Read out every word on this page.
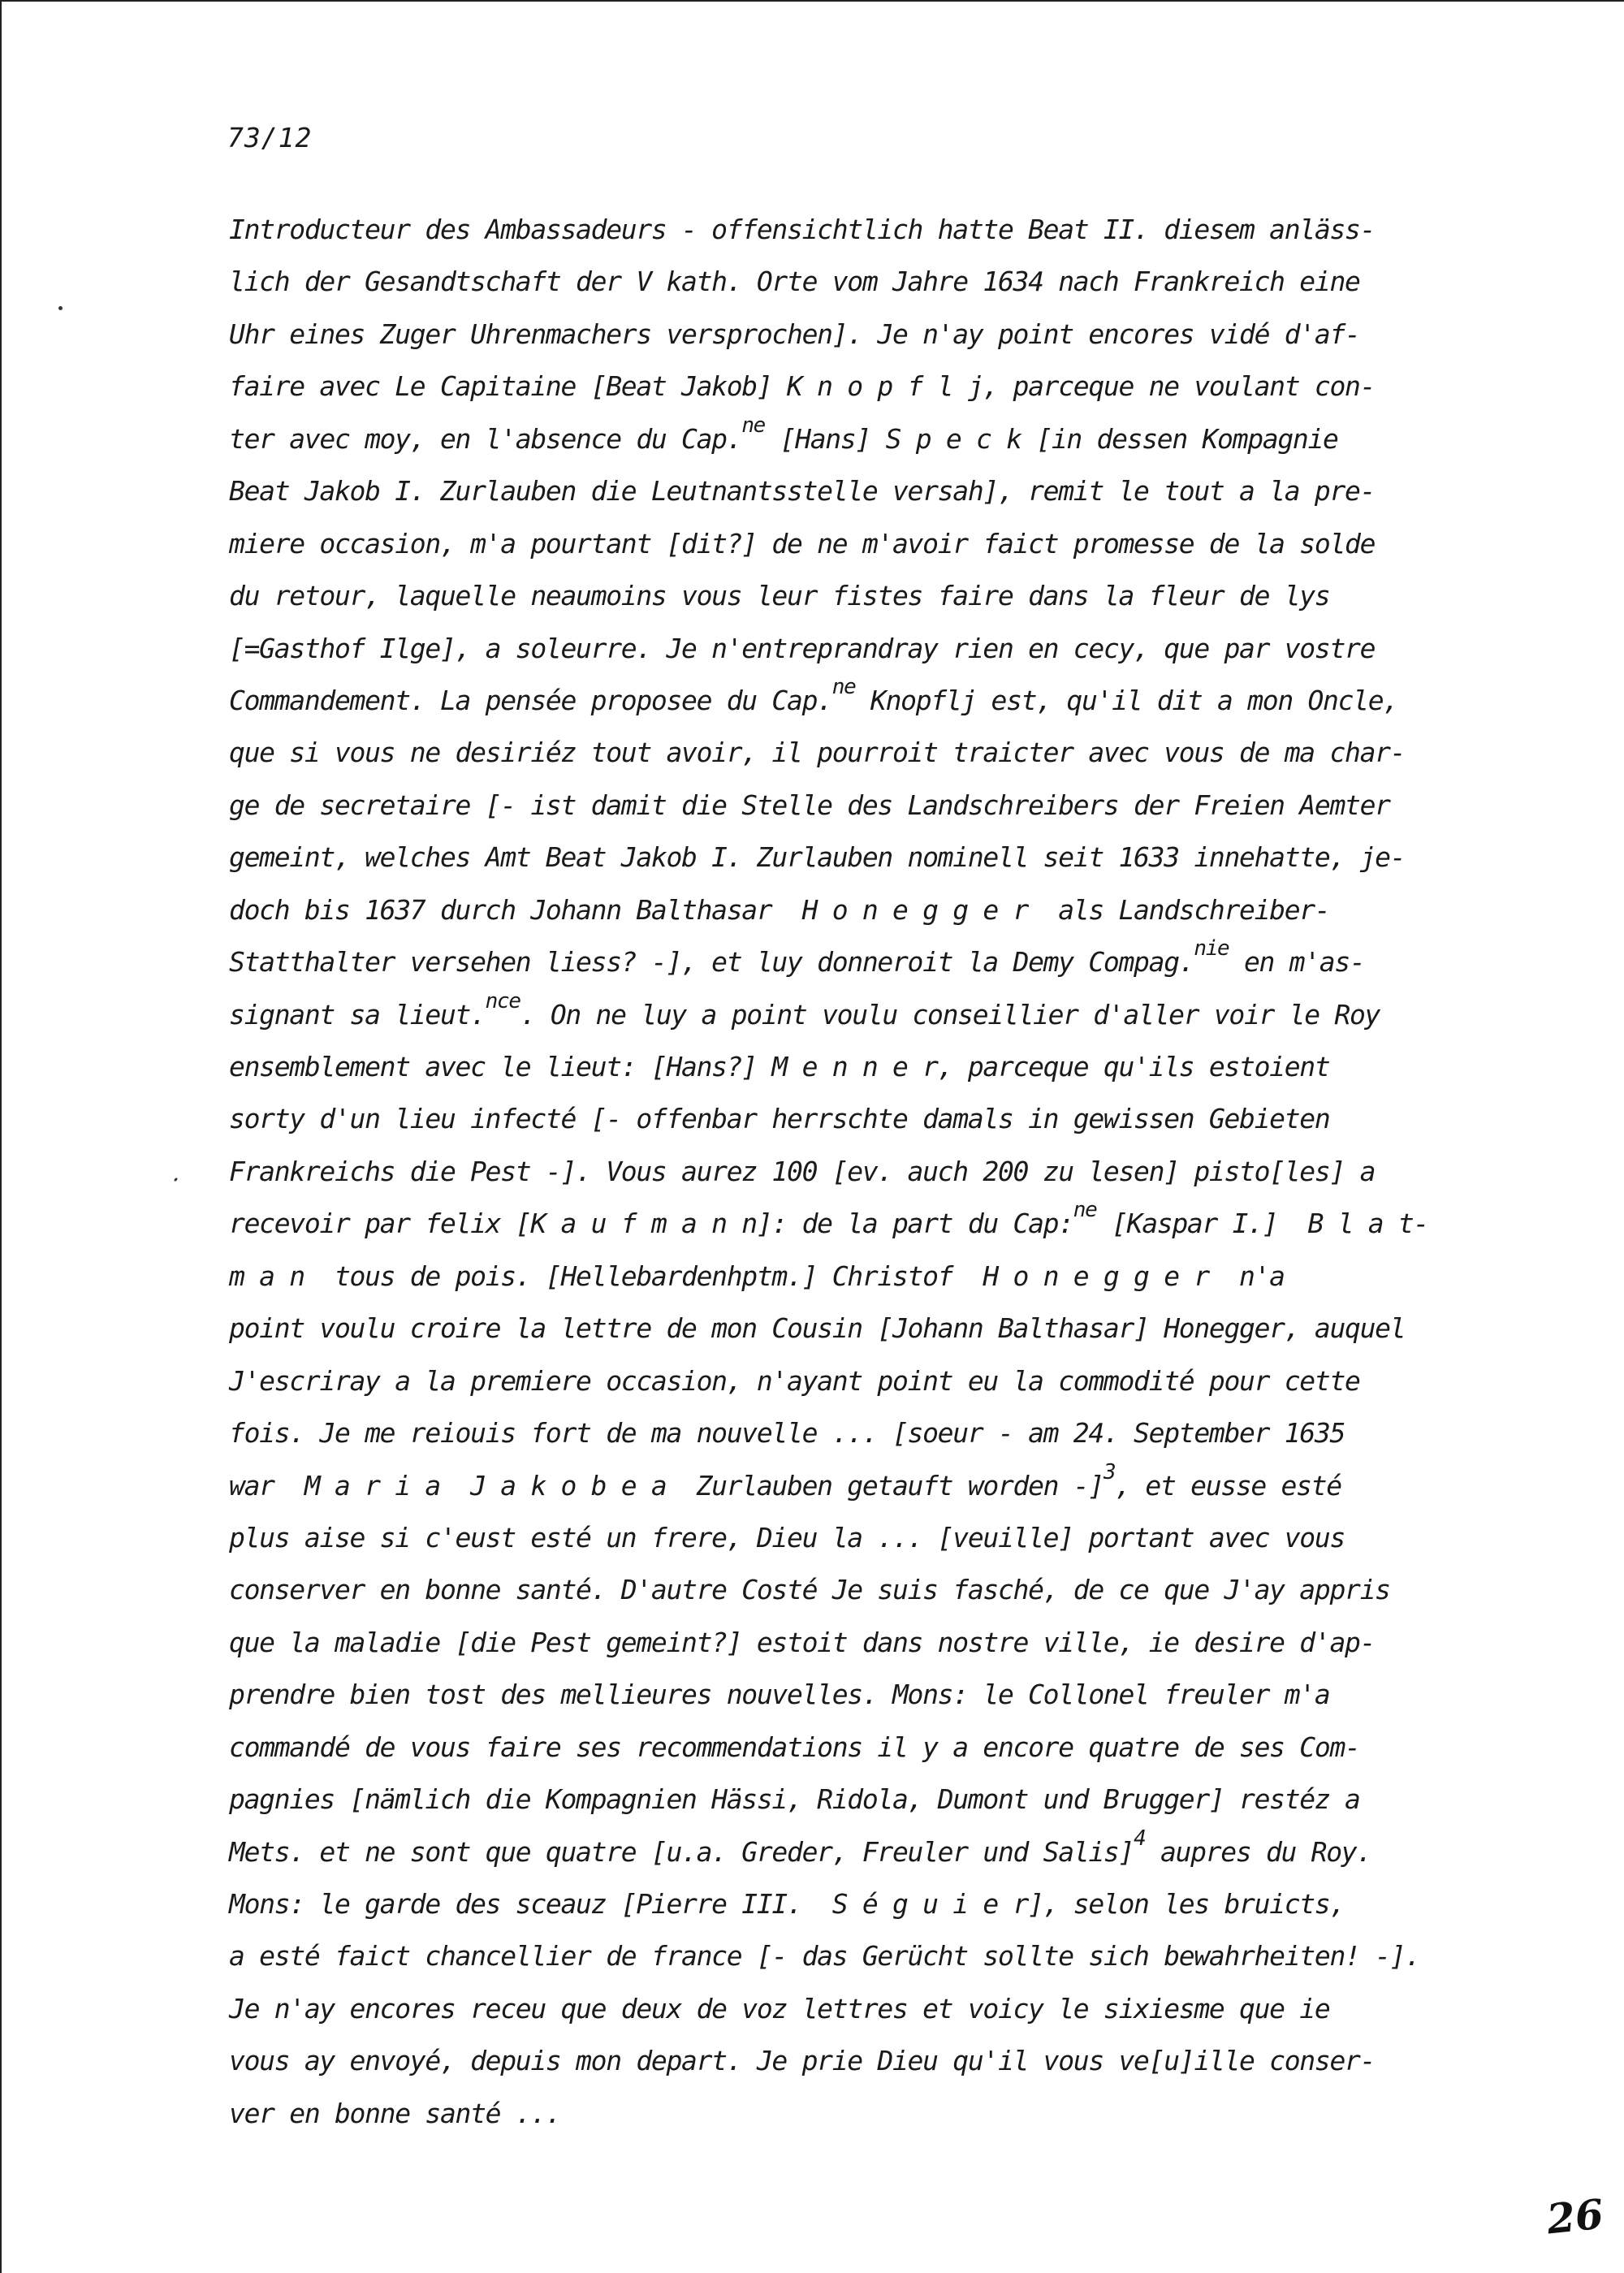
73/12
Introducteur des Ambassadeurs - offensichtlich hatte Beat II. diesem anläss-
lich der Gesandtschaft der V kath. Orte vom Jahre 1634 nach Frankreich eine
Uhr eines Zuger Uhrenmachers versprochen]. Je n'ay point encores vidé d'af-
faire avec Le Capitaine [Beat Jakob] K n o p f l j, parceque ne voulant con-
ter avec moy, en l'absence du Cap.$^{ne}$ [Hans] S p e c k [in dessen Kompagnie
Beat Jakob I. Zurlauben die Leutnantsstelle versah], remit le tout a la pre-
miere occasion, m'a pourtant [dit?] de ne m'avoir faict promesse de la solde
du retour, laquelle neaumoins vous leur fistes faire dans la fleur de lys
[=Gasthof Ilge], a soleurre. Je n'entreprandray rien en cecy, que par vostre
Commandement. La pensée proposee du Cap.$^{ne}$ Knopflj est, qu'il dit a mon Oncle,
que si vous ne desiriéz tout avoir, il pourroit traicter avec vous de ma char-
ge de secretaire [- ist damit die Stelle des Landschreibers der Freien Aemter
gemeint, welches Amt Beat Jakob I. Zurlauben nominell seit 1633 innehatte, je-
doch bis 1637 durch Johann Balthasar  H o n e g g e r  als Landschreiber-
Statthalter versehen liess? -], et luy donneroit la Demy Compag.$^{nie}$ en m'as-
signant sa lieut.$^{nce}$. On ne luy a point voulu conseillier d'aller voir le Roy
ensemblement avec le lieut: [Hans?] M e n n e r, parceque qu'ils estoient
sorty d'un lieu infecté [- offenbar herrschte damals in gewissen Gebieten
Frankreichs die Pest -]. Vous aurez 100 [ev. auch 200 zu lesen] pisto[les] a
recevoir par felix [K a u f m a n n]: de la part du Cap:$^{ne}$ [Kaspar I.]  B l a t-
m a n  tous de pois. [Hellebardenhptm.] Christof  H o n e g g e r  n'a
point voulu croire la lettre de mon Cousin [Johann Balthasar] Honegger, auquel
J'escriray a la premiere occasion, n'ayant point eu la commodité pour cette
fois. Je me reiouis fort de ma nouvelle ... [soeur - am 24. September 1635
war  M a r i a  J a k o b e a  Zurlauben getauft worden -]$^3$, et eusse esté
plus aise si c'eust esté un frere, Dieu la ... [veuille] portant avec vous
conserver en bonne santé. D'autre Costé Je suis fasché, de ce que J'ay appris
que la maladie [die Pest gemeint?] estoit dans nostre ville, ie desire d'ap-
prendre bien tost des mellieures nouvelles. Mons: le Collonel freuler m'a
commandé de vous faire ses recommendations il y a encore quatre de ses Com-
pagnies [nämlich die Kompagnien Hässi, Ridola, Dumont und Brugger] restéz a
Mets. et ne sont que quatre [u.a. Greder, Freuler und Salis]$^4$ aupres du Roy.
Mons: le garde des sceauz [Pierre III.  S é g u i e r], selon les bruicts,
a esté faict chancellier de france [- das Gerücht sollte sich bewahrheiten! -].
Je n'ay encores receu que deux de voz lettres et voicy le sixiesme que ie
vous ay envoyé, depuis mon depart. Je prie Dieu qu'il vous ve[u]ille conser-
ver en bonne santé ...
26
